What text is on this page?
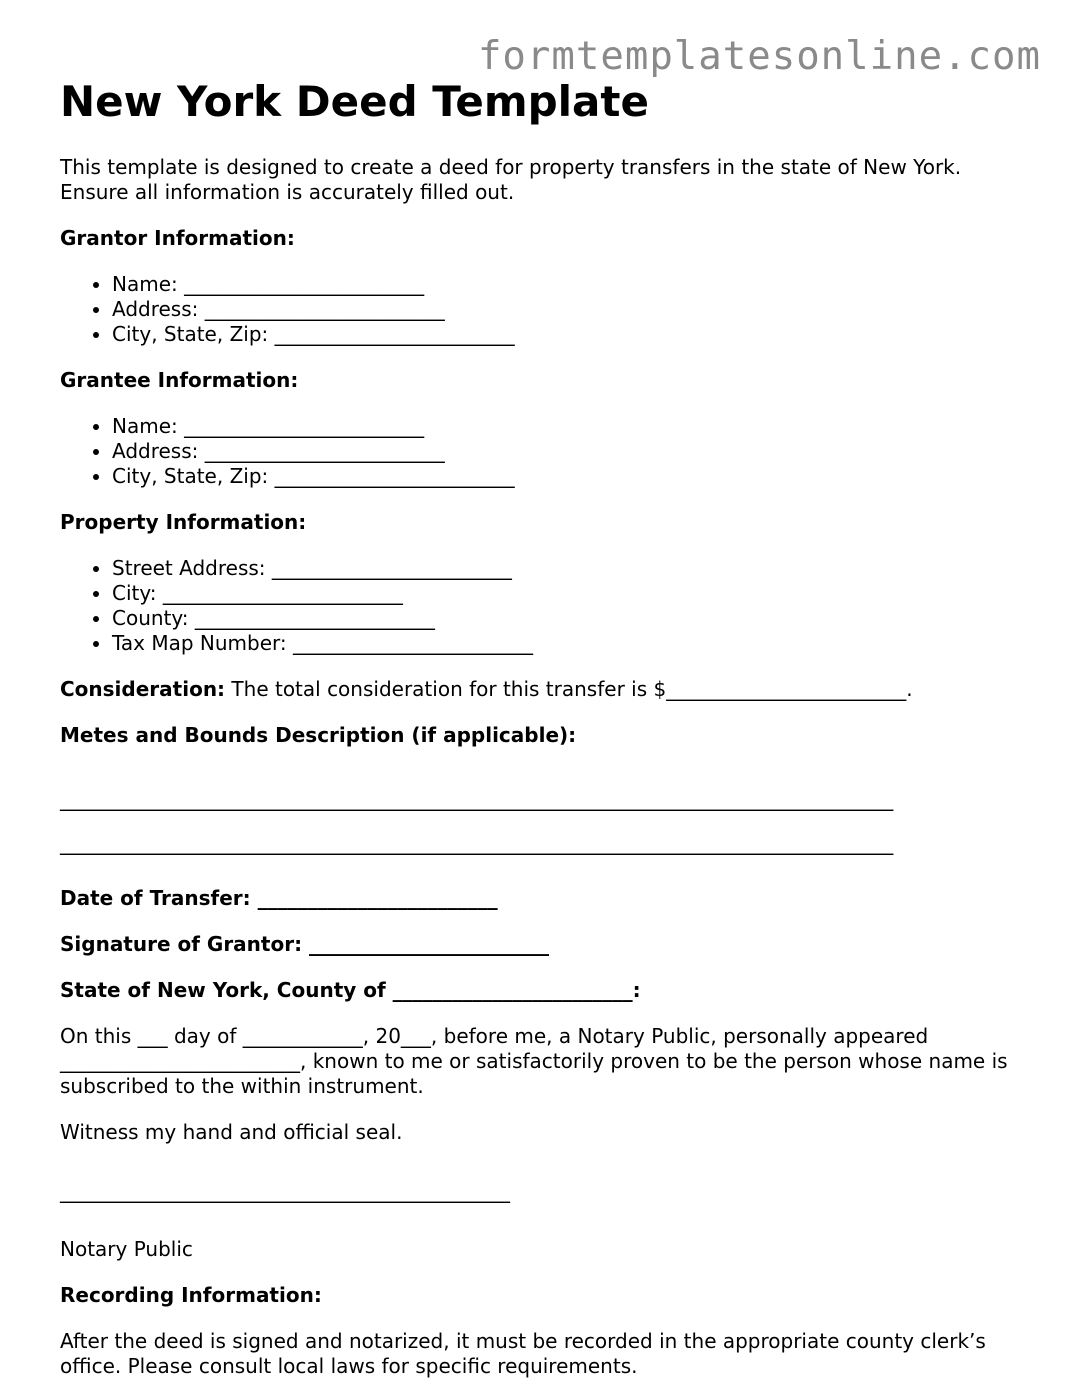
formtemplatesonline.com
New York Deed Template

This template is designed to create a deed for property transfers in the state of New York. Ensure all information is accurately filled out.

Grantor Information:

• Name: ________________________
• Address: ________________________
• City, State, Zip: ________________________

Grantee Information:

• Name: ________________________
• Address: ________________________
• City, State, Zip: ________________________

Property Information:

• Street Address: ________________________
• City: ________________________
• County: ________________________
• Tax Map Number: ________________________

Consideration: The total consideration for this transfer is $________________________.

Metes and Bounds Description (if applicable):

_____________________________________________________________________________________

_____________________________________________________________________________________

Date of Transfer: ________________________

Signature of Grantor: ________________________

State of New York, County of ________________________:

On this ___ day of ____________, 20___, before me, a Notary Public, personally appeared ________________________, known to me or satisfactorily proven to be the person whose name is subscribed to the within instrument.

Witness my hand and official seal.

_____________________________________________

Notary Public

Recording Information:

After the deed is signed and notarized, it must be recorded in the appropriate county clerk’s office. Please consult local laws for specific requirements.
